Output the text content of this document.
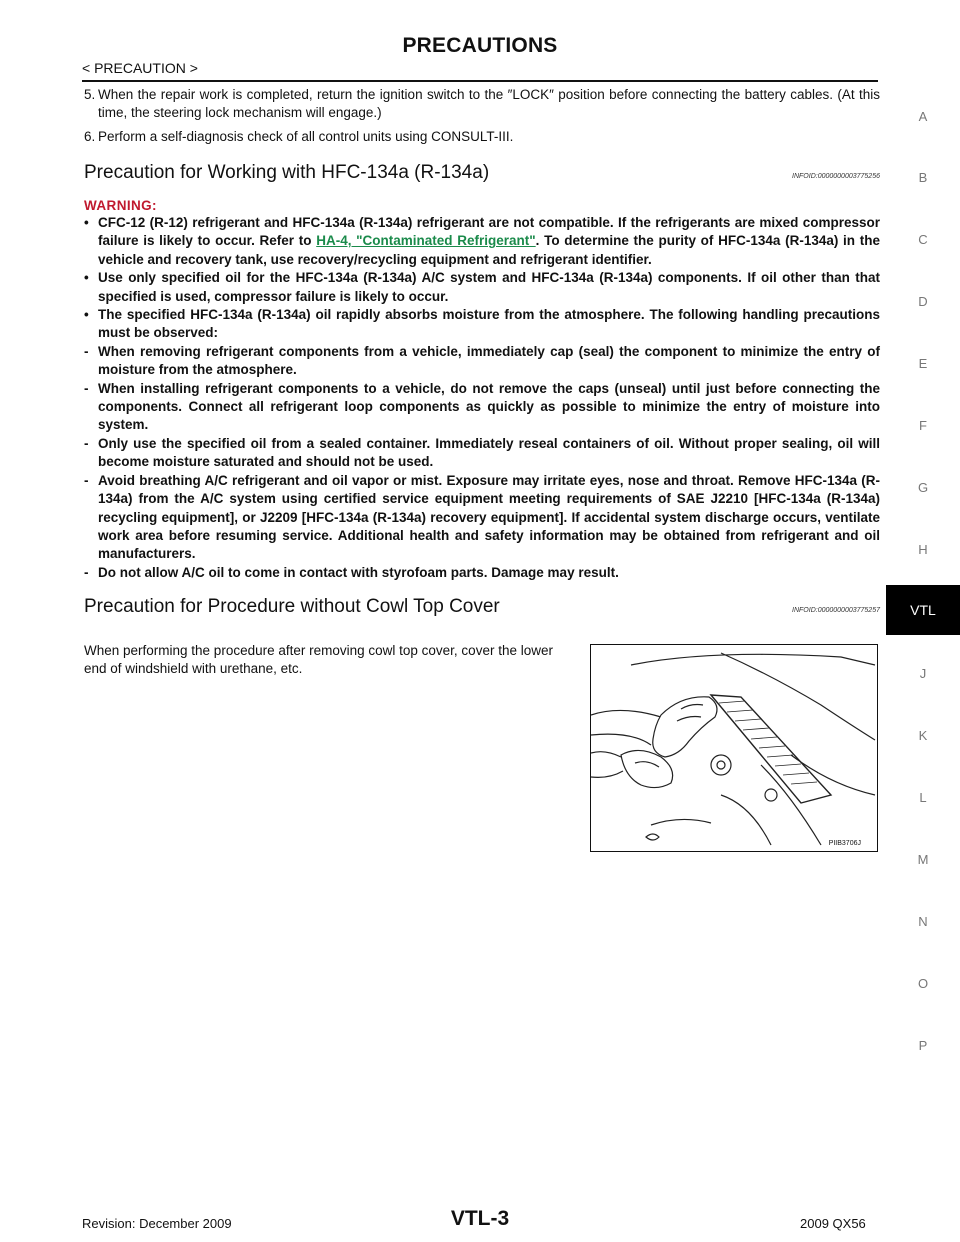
PRECAUTIONS
< PRECAUTION >
A
B
C
D
E
F
G
H
VTL
J
K
L
M
N
O
P
5. When the repair work is completed, return the ignition switch to the ″LOCK″ position before connecting the battery cables. (At this time, the steering lock mechanism will engage.)
6. Perform a self-diagnosis check of all control units using CONSULT-III.
Precaution for Working with HFC-134a (R-134a)	INFOID:0000000003775256
WARNING:
• CFC-12 (R-12) refrigerant and HFC-134a (R-134a) refrigerant are not compatible. If the refrigerants are mixed compressor failure is likely to occur. Refer to HA-4, "Contaminated Refrigerant". To determine the purity of HFC-134a (R-134a) in the vehicle and recovery tank, use recovery/recycling equipment and refrigerant identifier.
• Use only specified oil for the HFC-134a (R-134a) A/C system and HFC-134a (R-134a) components. If oil other than that specified is used, compressor failure is likely to occur.
• The specified HFC-134a (R-134a) oil rapidly absorbs moisture from the atmosphere. The following handling precautions must be observed:
- When removing refrigerant components from a vehicle, immediately cap (seal) the component to minimize the entry of moisture from the atmosphere.
- When installing refrigerant components to a vehicle, do not remove the caps (unseal) until just before connecting the components. Connect all refrigerant loop components as quickly as possible to minimize the entry of moisture into system.
- Only use the specified oil from a sealed container. Immediately reseal containers of oil. Without proper sealing, oil will become moisture saturated and should not be used.
- Avoid breathing A/C refrigerant and oil vapor or mist. Exposure may irritate eyes, nose and throat. Remove HFC-134a (R-134a) from the A/C system using certified service equipment meeting requirements of SAE J2210 [HFC-134a (R-134a) recycling equipment], or J2209 [HFC-134a (R-134a) recovery equipment]. If accidental system discharge occurs, ventilate work area before resuming service. Additional health and safety information may be obtained from refrigerant and oil manufacturers.
- Do not allow A/C oil to come in contact with styrofoam parts. Damage may result.
Precaution for Procedure without Cowl Top Cover	INFOID:0000000003775257
When performing the procedure after removing cowl top cover, cover the lower end of windshield with urethane, etc.
PIIB3706J
Revision: December 2009	VTL-3	2009 QX56
